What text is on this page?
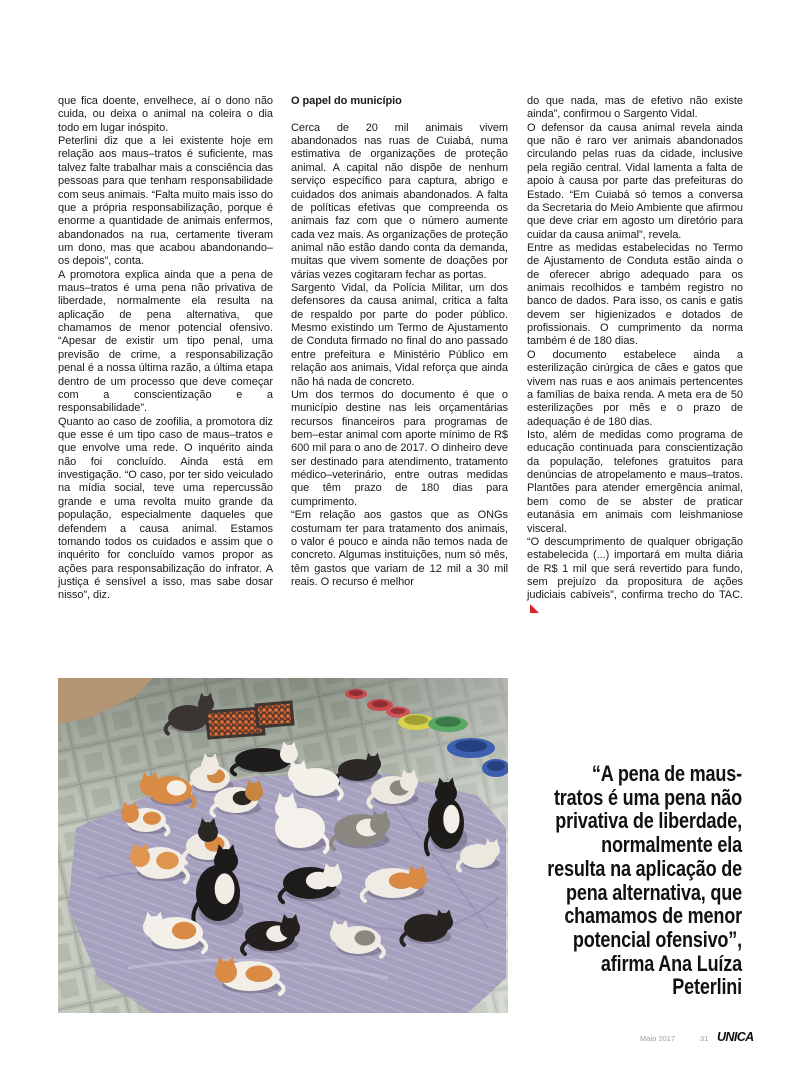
que fica doente, envelhece, aí o dono não cuida, ou deixa o animal na coleira o dia todo em lugar inóspito.

Peterlini diz que a lei existente hoje em relação aos maus–tratos é suficiente, mas talvez falte trabalhar mais a consciência das pessoas para que tenham responsabilidade com seus animais. “Falta muito mais isso do que a própria responsabilização, porque é enorme a quantidade de animais enfermos, abandonados na rua, certamente tiveram um dono, mas que acabou abandonando–os depois”, conta.

A promotora explica ainda que a pena de maus–tratos é uma pena não privativa de liberdade, normalmente ela resulta na aplicação de pena alternativa, que chamamos de menor potencial ofensivo. “Apesar de existir um tipo penal, uma previsão de crime, a responsabilização penal é a nossa última razão, a última etapa dentro de um processo que deve começar com a conscientização e a responsabilidade”.

Quanto ao caso de zoofilia, a promotora diz que esse é um tipo caso de maus–tratos e que envolve uma rede. O inquérito ainda não foi concluído. Ainda está em investigação. “O caso, por ter sido veiculado na mídia social, teve uma repercussão grande e uma revolta muito grande da população, especialmente daqueles que defendem a causa animal. Estamos tomando todos os cuidados e assim que o inquérito for concluído vamos propor as ações para responsabilização do infrator. A justiça é sensível a isso, mas sabe dosar nisso”, diz.

O papel do município

Cerca de 20 mil animais vivem abandonados nas ruas de Cuiabá, numa estimativa de organizações de proteção animal. A capital não dispõe de nenhum serviço específico para captura, abrigo e cuidados dos animais abandonados. A falta de políticas efetivas que compreenda os animais faz com que o número aumente cada vez mais. As organizações de proteção animal não estão dando conta da demanda, muitas que vivem somente de doações por várias vezes cogitaram fechar as portas.

Sargento Vidal, da Polícia Militar, um dos defensores da causa animal, critica a falta de respaldo por parte do poder público. Mesmo existindo um Termo de Ajustamento de Conduta firmado no final do ano passado entre prefeitura e Ministério Público em relação aos animais, Vidal reforça que ainda não há nada de concreto.

Um dos termos do documento é que o município destine nas leis orçamentárias recursos financeiros para programas de bem–estar animal com aporte mínimo de R$ 600 mil para o ano de 2017. O dinheiro deve ser destinado para atendimento, tratamento médico–veterinário, entre outras medidas que têm prazo de 180 dias para cumprimento.

“Em relação aos gastos que as ONGs costumam ter para tratamento dos animais, o valor é pouco e ainda não temos nada de concreto. Algumas instituições, num só mês, têm gastos que variam de 12 mil a 30 mil reais. O recurso é melhor

do que nada, mas de efetivo não existe ainda”, confirmou o Sargento Vidal.

O defensor da causa animal revela ainda que não é raro ver animais abandonados circulando pelas ruas da cidade, inclusive pela região central. Vidal lamenta a falta de apoio à causa por parte das prefeituras do Estado. “Em Cuiabá só temos a conversa da Secretaria do Meio Ambiente que afirmou que deve criar em agosto um diretório para cuidar da causa animal”, revela.

Entre as medidas estabelecidas no Termo de Ajustamento de Conduta estão ainda o de oferecer abrigo adequado para os animais recolhidos e também registro no banco de dados. Para isso, os canis e gatis devem ser higienizados e dotados de profissionais. O cumprimento da norma também é de 180 dias.

O documento estabelece ainda a esterilização cirúrgica de cães e gatos que vivem nas ruas e aos animais pertencentes a famílias de baixa renda. A meta era de 50 esterilizações por mês e o prazo de adequação é de 180 dias.

Isto, além de medidas como programa de educação continuada para conscientização da população, telefones gratuitos para denúncias de atropelamento e maus–tratos. Plantões para atender emergência animal, bem como de se abster de praticar eutanásia em animais com leishmaniose visceral.

“O descumprimento de qualquer obrigação estabelecida (...) importará em multa diária de R$ 1 mil que será revertido para fundo, sem prejuízo da propositura de ações judiciais cabíveis”, confirma trecho do TAC.

“A pena de maus-
tratos é uma pena não
privativa de liberdade,
normalmente ela
resulta na aplicação de
pena alternativa, que
chamamos de menor
potencial ofensivo”,
afirma Ana Luíza
Peterlini
Maio 2017	31 UNICA
